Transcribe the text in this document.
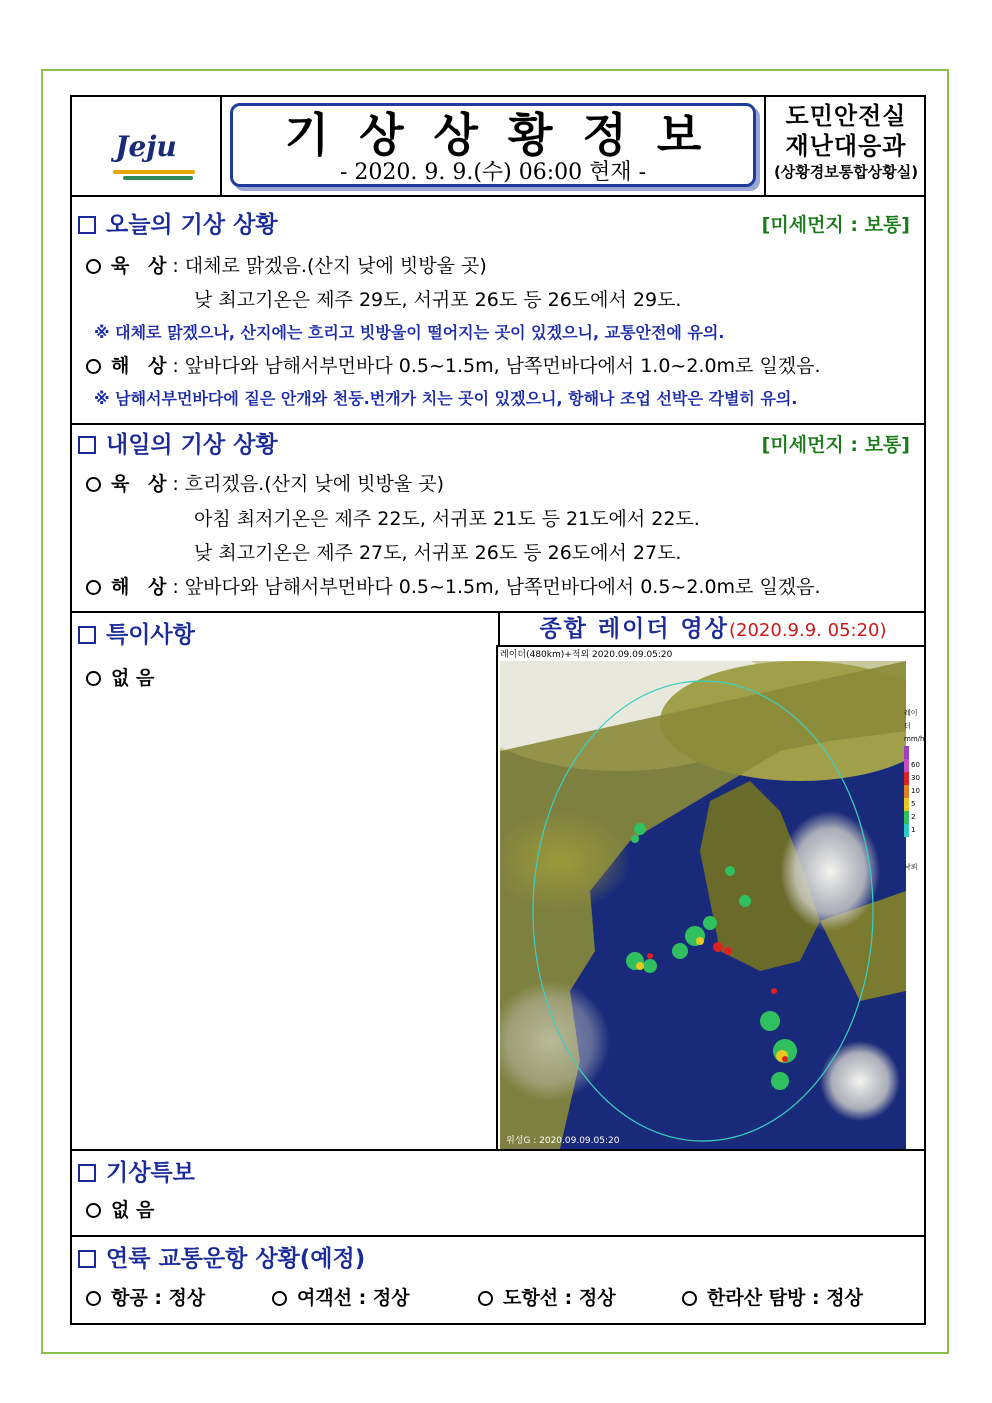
Jeju	기상상황정보
- 2020. 9. 9.(수) 06:00 현재 -
도민안전실
재난대응과
(상황경보통합상황실)
오늘의 기상 상황	[미세먼지 : 보통]
육 상: 대체로 맑겠음.(산지 낮에 빗방울 곳)
낮 최고기온은 제주 29도, 서귀포 26도 등 26도에서 29도.
※ 대체로 맑겠으나, 산지에는 흐리고 빗방울이 떨어지는 곳이 있겠으니, 교통안전에 유의.
해 상: 앞바다와 남해서부먼바다 0.5~1.5m, 남쪽먼바다에서 1.0~2.0m로 일겠음.
※ 남해서부먼바다에 짙은 안개와 천둥.번개가 치는 곳이 있겠으니, 항해나 조업 선박은 각별히 유의.
내일의 기상 상황	[미세먼지 : 보통]
육 상: 흐리겠음.(산지 낮에 빗방울 곳)
아침 최저기온은 제주 22도, 서귀포 21도 등 21도에서 22도.
낮 최고기온은 제주 27도, 서귀포 26도 등 26도에서 27도.
해 상: 앞바다와 남해서부먼바다 0.5~1.5m, 남쪽먼바다에서 0.5~2.0m로 일겠음.
특이사항
없 음
종합 레이더 영상(2020.9.9. 05:20)
레이더(480km)+적외 2020.09.09.05:20
위성G : 2020.09.09.05:20
레이더
mm/h
60
30
10
5
2
1
낙뢰
기상특보
없 음
연륙 교통운항 상황(예정)
항공 : 정상	여객선 : 정상	도항선 : 정상	한라산 탐방 : 정상
